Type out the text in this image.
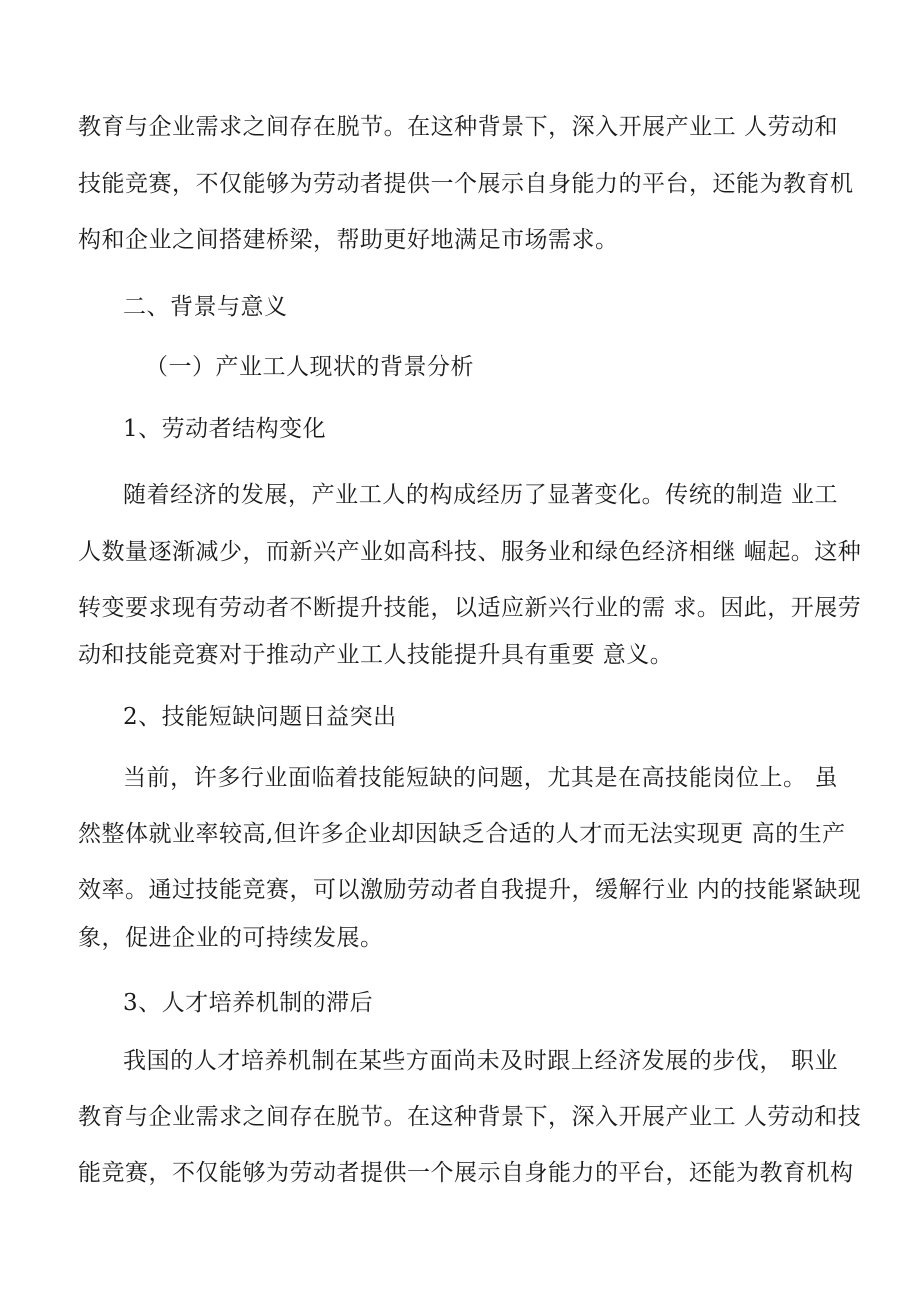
教育与企业需求之间存在脱节。在这种背景下，深入开展产业工 人劳动和
技能竞赛，不仅能够为劳动者提供一个展示自身能力的平台，还能为教育机
构和企业之间搭建桥梁，帮助更好地满足市场需求。
二、背景与意义
（一）产业工人现状的背景分析
1、劳动者结构变化
随着经济的发展，产业工人的构成经历了显著变化。传统的制造 业工
人数量逐渐减少，而新兴产业如高科技、服务业和绿色经济相继 崛起。这种
转变要求现有劳动者不断提升技能，以适应新兴行业的需 求。因此，开展劳
动和技能竞赛对于推动产业工人技能提升具有重要 意义。
2、技能短缺问题日益突出
当前，许多行业面临着技能短缺的问题，尤其是在高技能岗位上。 虽
然整体就业率较高,但许多企业却因缺乏合适的人才而无法实现更 高的生产
效率。通过技能竞赛，可以激励劳动者自我提升，缓解行业 内的技能紧缺现
象，促进企业的可持续发展。
3、人才培养机制的滞后
我国的人才培养机制在某些方面尚未及时跟上经济发展的步伐， 职业
教育与企业需求之间存在脱节。在这种背景下，深入开展产业工 人劳动和技
能竞赛，不仅能够为劳动者提供一个展示自身能力的平台，还能为教育机构
